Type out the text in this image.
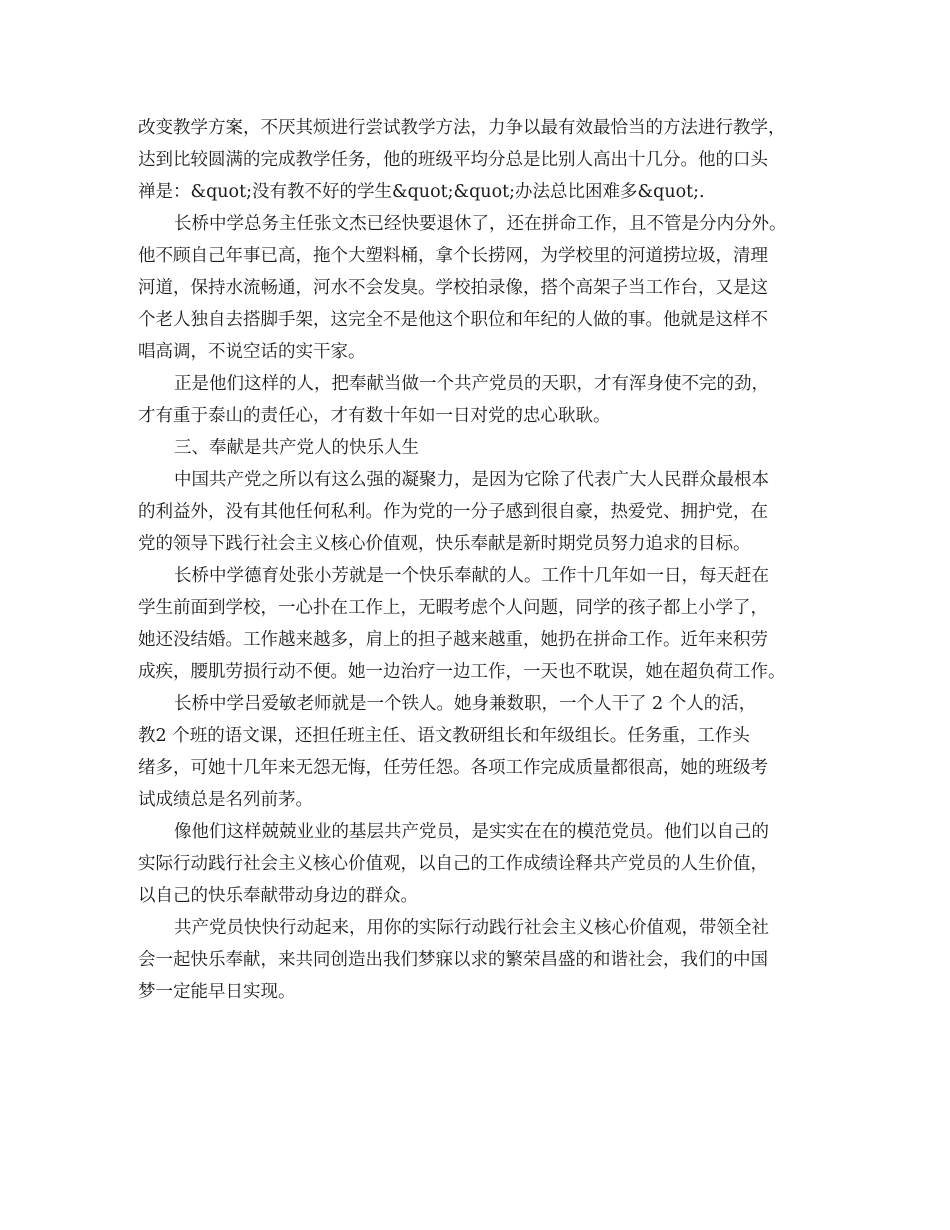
改变教学方案，不厌其烦进行尝试教学方法，力争以最有效最恰当的方法进行教学，
达到比较圆满的完成教学任务，他的班级平均分总是比别人高出十几分。他的口头
禅是：&quot;没有教不好的学生&quot;&quot;办法总比困难多&quot;.
长桥中学总务主任张文杰已经快要退休了，还在拼命工作，且不管是分内分外。
他不顾自己年事已高，拖个大塑料桶，拿个长捞网，为学校里的河道捞垃圾，清理
河道，保持水流畅通，河水不会发臭。学校拍录像，搭个高架子当工作台，又是这
个老人独自去搭脚手架，这完全不是他这个职位和年纪的人做的事。他就是这样不
唱高调，不说空话的实干家。
正是他们这样的人，把奉献当做一个共产党员的天职，才有浑身使不完的劲，
才有重于泰山的责任心，才有数十年如一日对党的忠心耿耿。
三、奉献是共产党人的快乐人生
中国共产党之所以有这么强的凝聚力，是因为它除了代表广大人民群众最根本
的利益外，没有其他任何私利。作为党的一分子感到很自豪，热爱党、拥护党，在
党的领导下践行社会主义核心价值观，快乐奉献是新时期党员努力追求的目标。
长桥中学德育处张小芳就是一个快乐奉献的人。工作十几年如一日，每天赶在
学生前面到学校，一心扑在工作上，无暇考虑个人问题，同学的孩子都上小学了，
她还没结婚。工作越来越多，肩上的担子越来越重，她扔在拼命工作。近年来积劳
成疾，腰肌劳损行动不便。她一边治疗一边工作，一天也不耽误，她在超负荷工作。
长桥中学吕爱敏老师就是一个铁人。她身兼数职，一个人干了 2 个人的活，
教2 个班的语文课，还担任班主任、语文教研组长和年级组长。任务重，工作头
绪多，可她十几年来无怨无悔，任劳任怨。各项工作完成质量都很高，她的班级考
试成绩总是名列前茅。
像他们这样兢兢业业的基层共产党员，是实实在在的模范党员。他们以自己的
实际行动践行社会主义核心价值观，以自己的工作成绩诠释共产党员的人生价值，
以自己的快乐奉献带动身边的群众。
共产党员快快行动起来，用你的实际行动践行社会主义核心价值观，带领全社
会一起快乐奉献，来共同创造出我们梦寐以求的繁荣昌盛的和谐社会，我们的中国
梦一定能早日实现。
